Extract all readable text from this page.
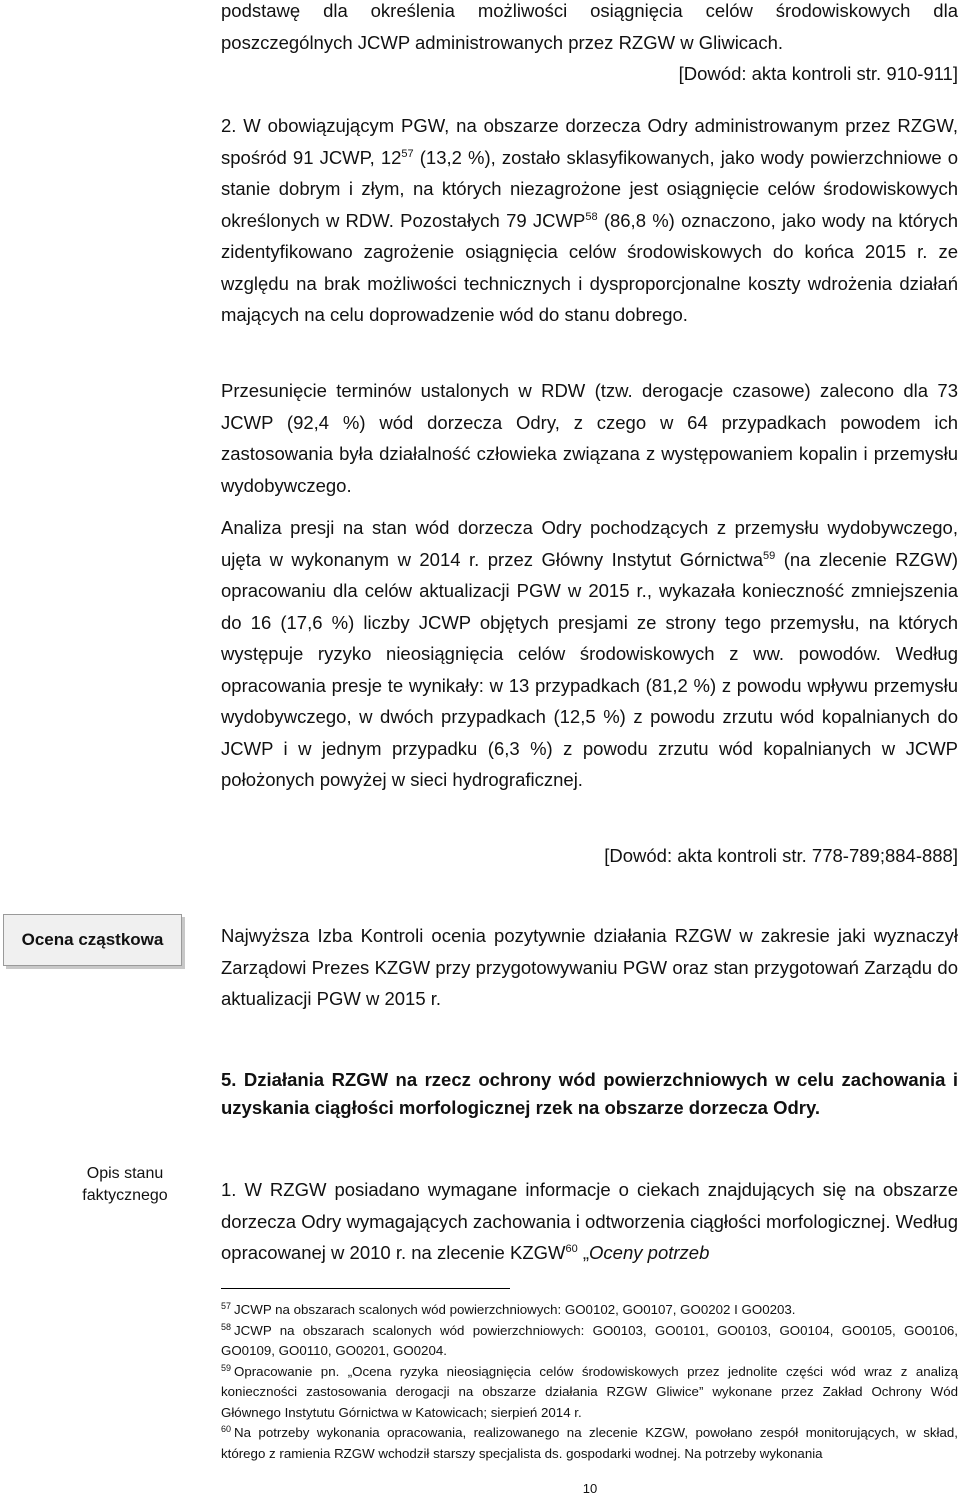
podstawę dla określenia możliwości osiągnięcia celów środowiskowych dla poszczególnych JCWP administrowanych przez RZGW w Gliwicach.

[Dowód: akta kontroli str. 910-911]

2. W obowiązującym PGW, na obszarze dorzecza Odry administrowanym przez RZGW, spośród 91 JCWP, $12^{57}$ (13,2 %), zostało sklasyfikowanych, jako wody powierzchniowe o stanie dobrym i złym, na których niezagrożone jest osiągnięcie celów środowiskowych określonych w RDW. Pozostałych 79 JCWP$^{58}$ (86,8 %) oznaczono, jako wody na których zidentyfikowano zagrożenie osiągnięcia celów środowiskowych do końca 2015 r. ze względu na brak możliwości technicznych i dysproporcjonalne koszty wdrożenia działań mających na celu doprowadzenie wód do stanu dobrego.

Przesunięcie terminów ustalonych w RDW (tzw. derogacje czasowe) zalecono dla 73 JCWP (92,4 %) wód dorzecza Odry, z czego w 64 przypadkach powodem ich zastosowania była działalność człowieka związana z występowaniem kopalin i przemysłu wydobywczego.

Analiza presji na stan wód dorzecza Odry pochodzących z przemysłu wydobywczego, ujęta w wykonanym w 2014 r. przez Główny Instytut Górnictwa$^{59}$ (na zlecenie RZGW) opracowaniu dla celów aktualizacji PGW w 2015 r., wykazała konieczność zmniejszenia do 16 (17,6 %) liczby JCWP objętych presjami ze strony tego przemysłu, na których występuje ryzyko nieosiągnięcia celów środowiskowych z ww. powodów. Według opracowania presje te wynikały: w 13 przypadkach (81,2 %) z powodu wpływu przemysłu wydobywczego, w dwóch przypadkach (12,5 %) z powodu zrzutu wód kopalnianych do JCWP i w jednym przypadku (6,3 %) z powodu zrzutu wód kopalnianych w JCWP położonych powyżej w sieci hydrograficznej.

[Dowód: akta kontroli str. 778-789;884-888]

Ocena cząstkowa	Najwyższa Izba Kontroli ocenia pozytywnie działania RZGW w zakresie jaki wyznaczył Zarządowi Prezes KZGW przy przygotowywaniu PGW oraz stan przygotowań Zarządu do aktualizacji PGW w 2015 r.

5. Działania RZGW na rzecz ochrony wód powierzchniowych w celu zachowania i uzyskania ciągłości morfologicznej rzek na obszarze dorzecza Odry.

Opis stanu
faktycznego	1. W RZGW posiadano wymagane informacje o ciekach znajdujących się na obszarze dorzecza Odry wymagających zachowania i odtworzenia ciągłości morfologicznej. Według opracowanej w 2010 r. na zlecenie KZGW$^{60}$ „Oceny potrzeb

$^{57}$ JCWP na obszarach scalonych wód powierzchniowych: GO0102, GO0107, GO0202 I GO0203.
$^{58}$ JCWP na obszarach scalonych wód powierzchniowych: GO0103, GO0101, GO0103, GO0104, GO0105, GO0106, GO0109, GO0110, GO0201, GO0204.
$^{59}$ Opracowanie pn. „Ocena ryzyka nieosiągnięcia celów środowiskowych przez jednolite części wód wraz z analizą konieczności zastosowania derogacji na obszarze działania RZGW Gliwice” wykonane przez Zakład Ochrony Wód Głównego Instytutu Górnictwa w Katowicach; sierpień 2014 r.
$^{60}$ Na potrzeby wykonania opracowania, realizowanego na zlecenie KZGW, powołano zespół monitorujących, w skład, którego z ramienia RZGW wchodził starszy specjalista ds. gospodarki wodnej. Na potrzeby wykonania
10
